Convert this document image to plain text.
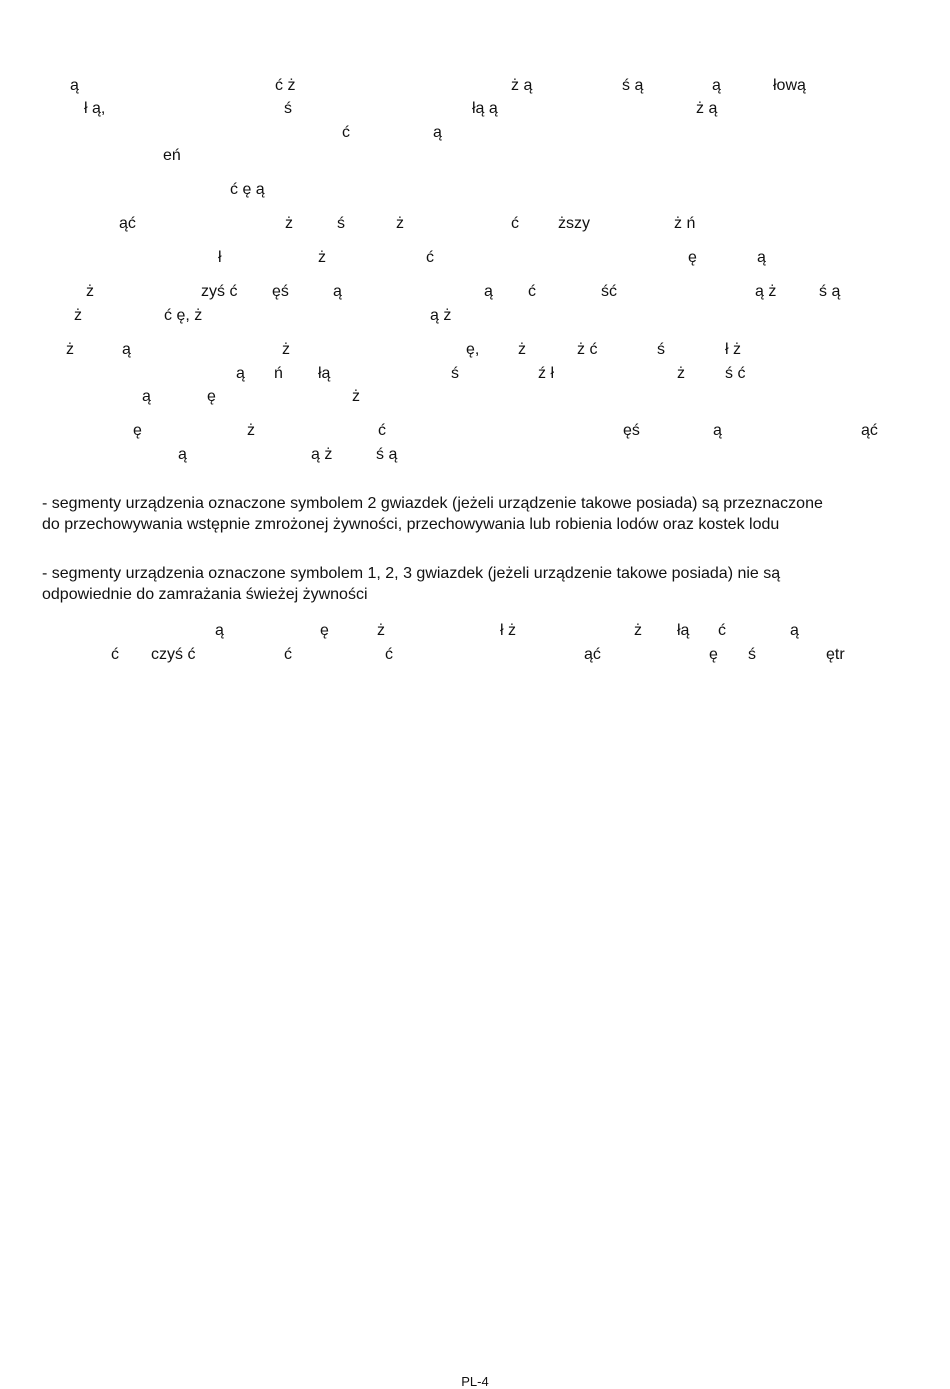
ą	ć ż	ż ą	ś ą	ą	łową
ł ą,	ś	łą ą	ż ą
ć	ą
eń
ć ę ą
ąć	ż	ś	ż	ć ższy	ż ń
ł	ż	ć	ę	ą
ż	zyś ć ęś	ą	ą ć	ść	ą ż	ś ą
ż	ć ę, ż	ą ż
ż	ą	ż	ę, ż	ż ć	ś	ł ż
ą ń łą	ś	ź ł	ż	ś ć
ą	ę	ż
ę	ż	ć	ęś	ą	ąć
ą	ą ż	ś ą

- segmenty urządzenia oznaczone symbolem 2 gwiazdek (jeżeli urządzenie takowe posiada) są przeznaczone
do przechowywania wstępnie zmrożonej żywności, przechowywania lub robienia lodów oraz kostek lodu

- segmenty urządzenia oznaczone symbolem 1, 2, 3 gwiazdek (jeżeli urządzenie takowe posiada) nie są
odpowiednie do zamrażania świeżej żywności

ą	ę	ż	ł ż	ż łą ć	ą
ć czyś ć	ć	ć	ąć	ę ś	ętr
PL-4
